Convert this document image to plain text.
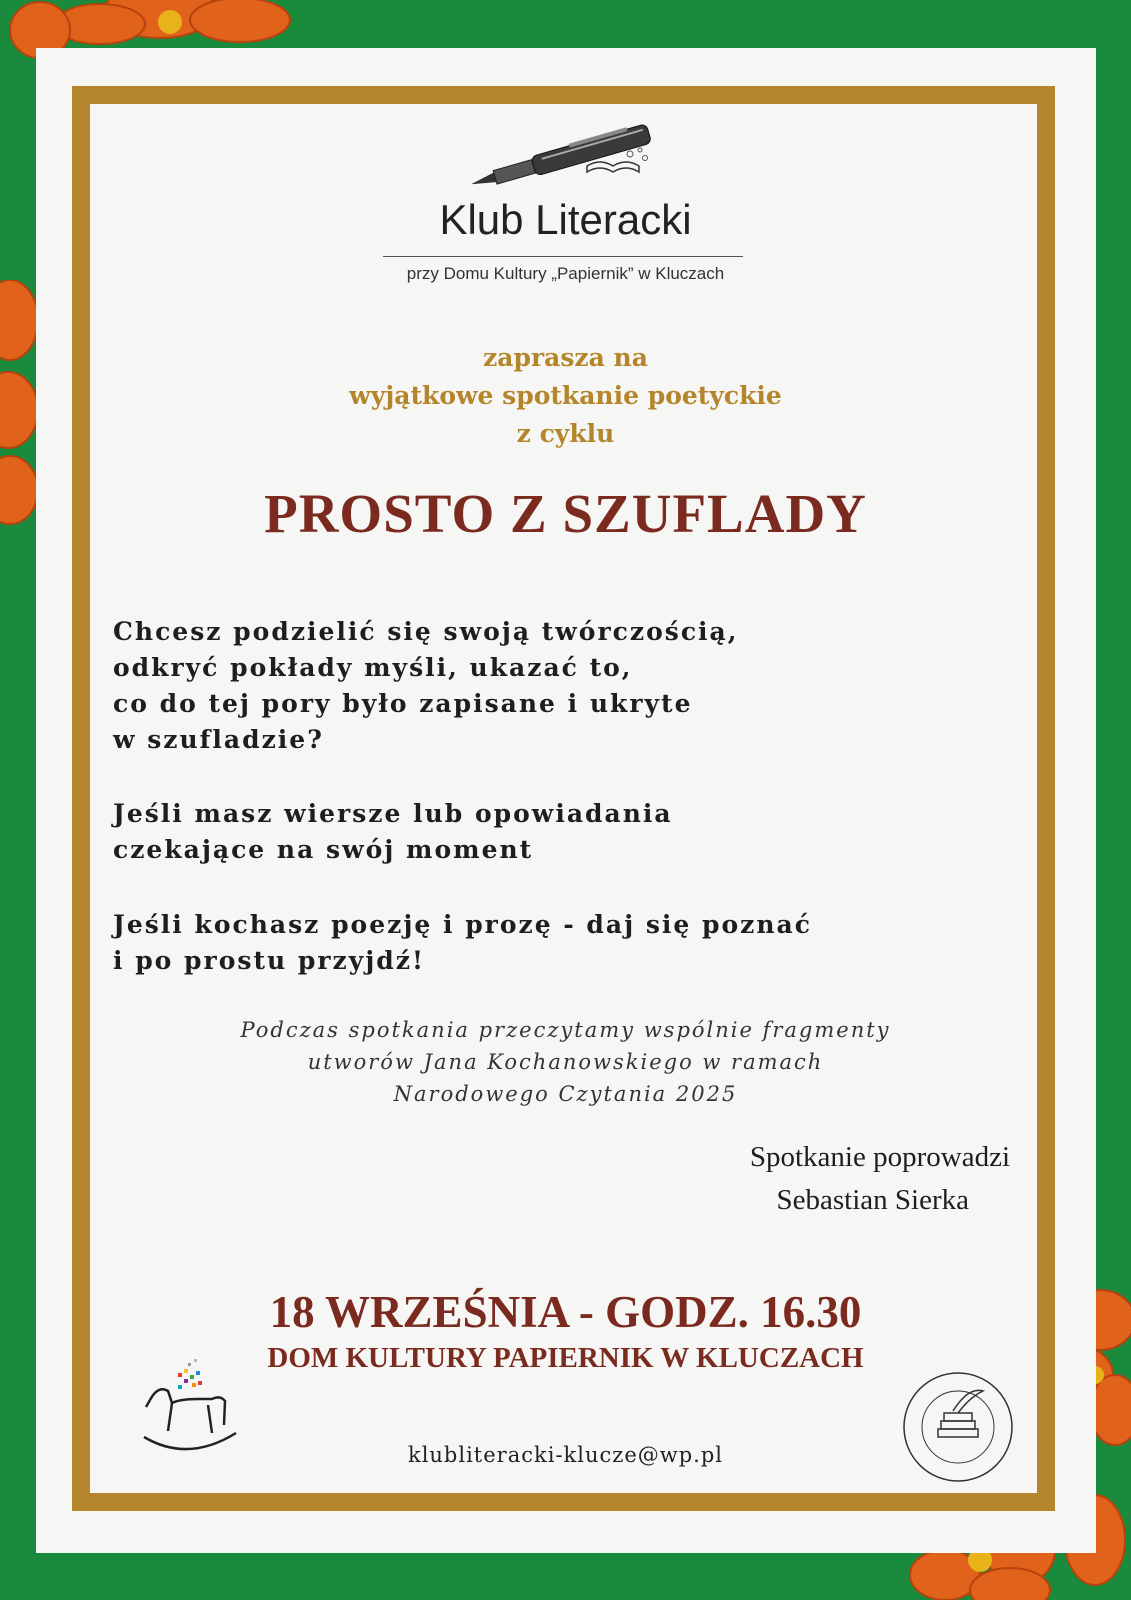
Klub Literacki
przy Domu Kultury „Papiernik” w Kluczach
zaprasza na
wyjątkowe spotkanie poetyckie
z cyklu
PROSTO Z SZUFLADY
Chcesz podzielić się swoją twórczością,
odkryć pokłady myśli, ukazać to,
co do tej pory było zapisane i ukryte
w szufladzie?
Jeśli masz wiersze lub opowiadania
czekające na swój moment
Jeśli kochasz poezję i prozę - daj się poznać
i po prostu przyjdź!
Podczas spotkania przeczytamy wspólnie fragmenty
utworów Jana Kochanowskiego w ramach
Narodowego Czytania 2025
Spotkanie poprowadzi
Sebastian Sierka
18 WRZEŚNIA - GODZ. 16.30
DOM KULTURY PAPIERNIK W KLUCZACH
klubliteracki-klucze@wp.pl
